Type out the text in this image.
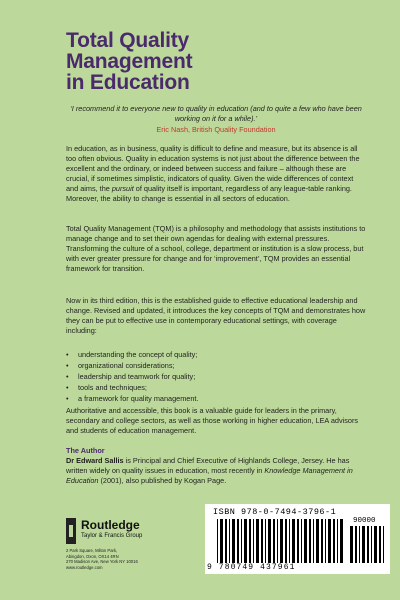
Total Quality
Management
in Education
‘I recommend it to everyone new to quality in education (and to quite a few who have been working on it for a while).’
Eric Nash, British Quality Foundation

In education, as in business, quality is difficult to define and measure, but its absence is all too often obvious. Quality in education systems is not just about the difference between the excellent and the ordinary, or indeed between success and failure – although these are crucial, if sometimes simplistic, indicators of quality. Given the wide differences of context and aims, the pursuit of quality itself is important, regardless of any league-table ranking. Moreover, the ability to change is essential in all sectors of education.

Total Quality Management (TQM) is a philosophy and methodology that assists institutions to manage change and to set their own agendas for dealing with external pressures. Transforming the culture of a school, college, department or institution is a slow process, but with ever greater pressure for change and for ‘improvement’, TQM provides an essential framework for transition.

Now in its third edition, this is the established guide to effective educational leadership and change. Revised and updated, it introduces the key concepts of TQM and demonstrates how they can be put to effective use in contemporary educational settings, with coverage including:

• understanding the concept of quality;
• organizational considerations;
• leadership and teamwork for quality;
• tools and techniques;
• a framework for quality management.

Authoritative and accessible, this book is a valuable guide for leaders in the primary, secondary and college sectors, as well as those working in higher education, LEA advisors and students of education management.

The Author

Dr Edward Sallis is Principal and Chief Executive of Highlands College, Jersey. He has written widely on quality issues in education, most recently in Knowledge Management in Education (2001), also published by Kogan Page.

Routledge
Taylor & Francis Group
2 Park Square, Milton Park,
Abingdon, Oxon, OX14 4RN
270 Madison Ave, New York NY 10016
www.routledge.com
ISBN 978-0-7494-3796-1
90000
9 780749 437961
